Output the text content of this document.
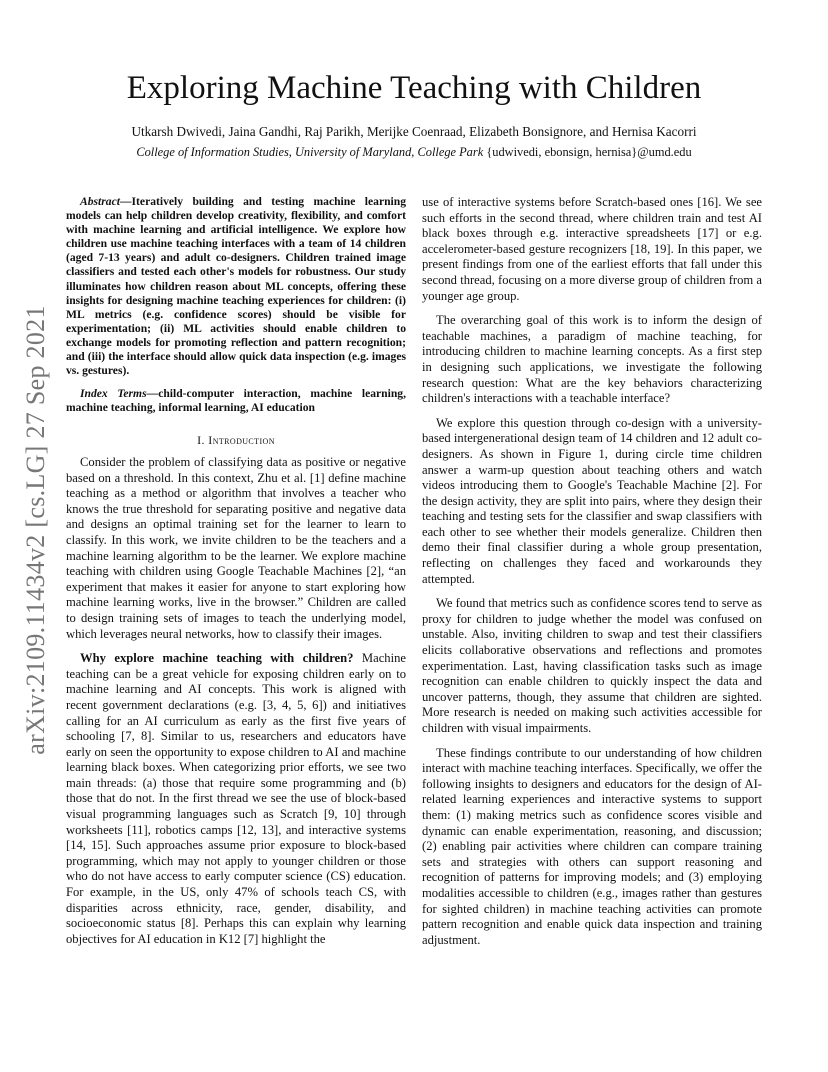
arXiv:2109.11434v2 [cs.LG] 27 Sep 2021
Exploring Machine Teaching with Children
Utkarsh Dwivedi, Jaina Gandhi, Raj Parikh, Merijke Coenraad, Elizabeth Bonsignore, and Hernisa Kacorri
College of Information Studies, University of Maryland, College Park {udwivedi, ebonsign, hernisa}@umd.edu

Abstract—Iteratively building and testing machine learning models can help children develop creativity, flexibility, and comfort with machine learning and artificial intelligence. We explore how children use machine teaching interfaces with a team of 14 children (aged 7-13 years) and adult co-designers. Children trained image classifiers and tested each other's models for robustness. Our study illuminates how children reason about ML concepts, offering these insights for designing machine teaching experiences for children: (i) ML metrics (e.g. confidence scores) should be visible for experimentation; (ii) ML activities should enable children to exchange models for promoting reflection and pattern recognition; and (iii) the interface should allow quick data inspection (e.g. images vs. gestures).

Index Terms—child-computer interaction, machine learning, machine teaching, informal learning, AI education

I. Introduction

Consider the problem of classifying data as positive or negative based on a threshold. In this context, Zhu et al. [1] define machine teaching as a method or algorithm that involves a teacher who knows the true threshold for separating positive and negative data and designs an optimal training set for the learner to learn to classify. In this work, we invite children to be the teachers and a machine learning algorithm to be the learner. We explore machine teaching with children using Google Teachable Machines [2], “an experiment that makes it easier for anyone to start exploring how machine learning works, live in the browser.” Children are called to design training sets of images to teach the underlying model, which leverages neural networks, how to classify their images.

Why explore machine teaching with children? Machine teaching can be a great vehicle for exposing children early on to machine learning and AI concepts. This work is aligned with recent government declarations (e.g. [3, 4, 5, 6]) and initiatives calling for an AI curriculum as early as the first five years of schooling [7, 8]. Similar to us, researchers and educators have early on seen the opportunity to expose children to AI and machine learning black boxes. When categorizing prior efforts, we see two main threads: (a) those that require some programming and (b) those that do not. In the first thread we see the use of block-based visual programming languages such as Scratch [9, 10] through worksheets [11], robotics camps [12, 13], and interactive systems [14, 15]. Such approaches assume prior exposure to block-based programming, which may not apply to younger children or those who do not have access to early computer science (CS) education. For example, in the US, only 47% of schools teach CS, with disparities across ethnicity, race, gender, disability, and socioeconomic status [8]. Perhaps this can explain why learning objectives for AI education in K12 [7] highlight the

use of interactive systems before Scratch-based ones [16]. We see such efforts in the second thread, where children train and test AI black boxes through e.g. interactive spreadsheets [17] or e.g. accelerometer-based gesture recognizers [18, 19]. In this paper, we present findings from one of the earliest efforts that fall under this second thread, focusing on a more diverse group of children from a younger age group.

The overarching goal of this work is to inform the design of teachable machines, a paradigm of machine teaching, for introducing children to machine learning concepts. As a first step in designing such applications, we investigate the following research question: What are the key behaviors characterizing children's interactions with a teachable interface?

We explore this question through co-design with a university-based intergenerational design team of 14 children and 12 adult co-designers. As shown in Figure 1, during circle time children answer a warm-up question about teaching others and watch videos introducing them to Google's Teachable Machine [2]. For the design activity, they are split into pairs, where they design their teaching and testing sets for the classifier and swap classifiers with each other to see whether their models generalize. Children then demo their final classifier during a whole group presentation, reflecting on challenges they faced and workarounds they attempted.

We found that metrics such as confidence scores tend to serve as proxy for children to judge whether the model was confused on unstable. Also, inviting children to swap and test their classifiers elicits collaborative observations and reflections and promotes experimentation. Last, having classification tasks such as image recognition can enable children to quickly inspect the data and uncover patterns, though, they assume that children are sighted. More research is needed on making such activities accessible for children with visual impairments.

These findings contribute to our understanding of how children interact with machine teaching interfaces. Specifically, we offer the following insights to designers and educators for the design of AI-related learning experiences and interactive systems to support them: (1) making metrics such as confidence scores visible and dynamic can enable experimentation, reasoning, and discussion; (2) enabling pair activities where children can compare training sets and strategies with others can support reasoning and recognition of patterns for improving models; and (3) employing modalities accessible to children (e.g., images rather than gestures for sighted children) in machine teaching activities can promote pattern recognition and enable quick data inspection and training adjustment.
